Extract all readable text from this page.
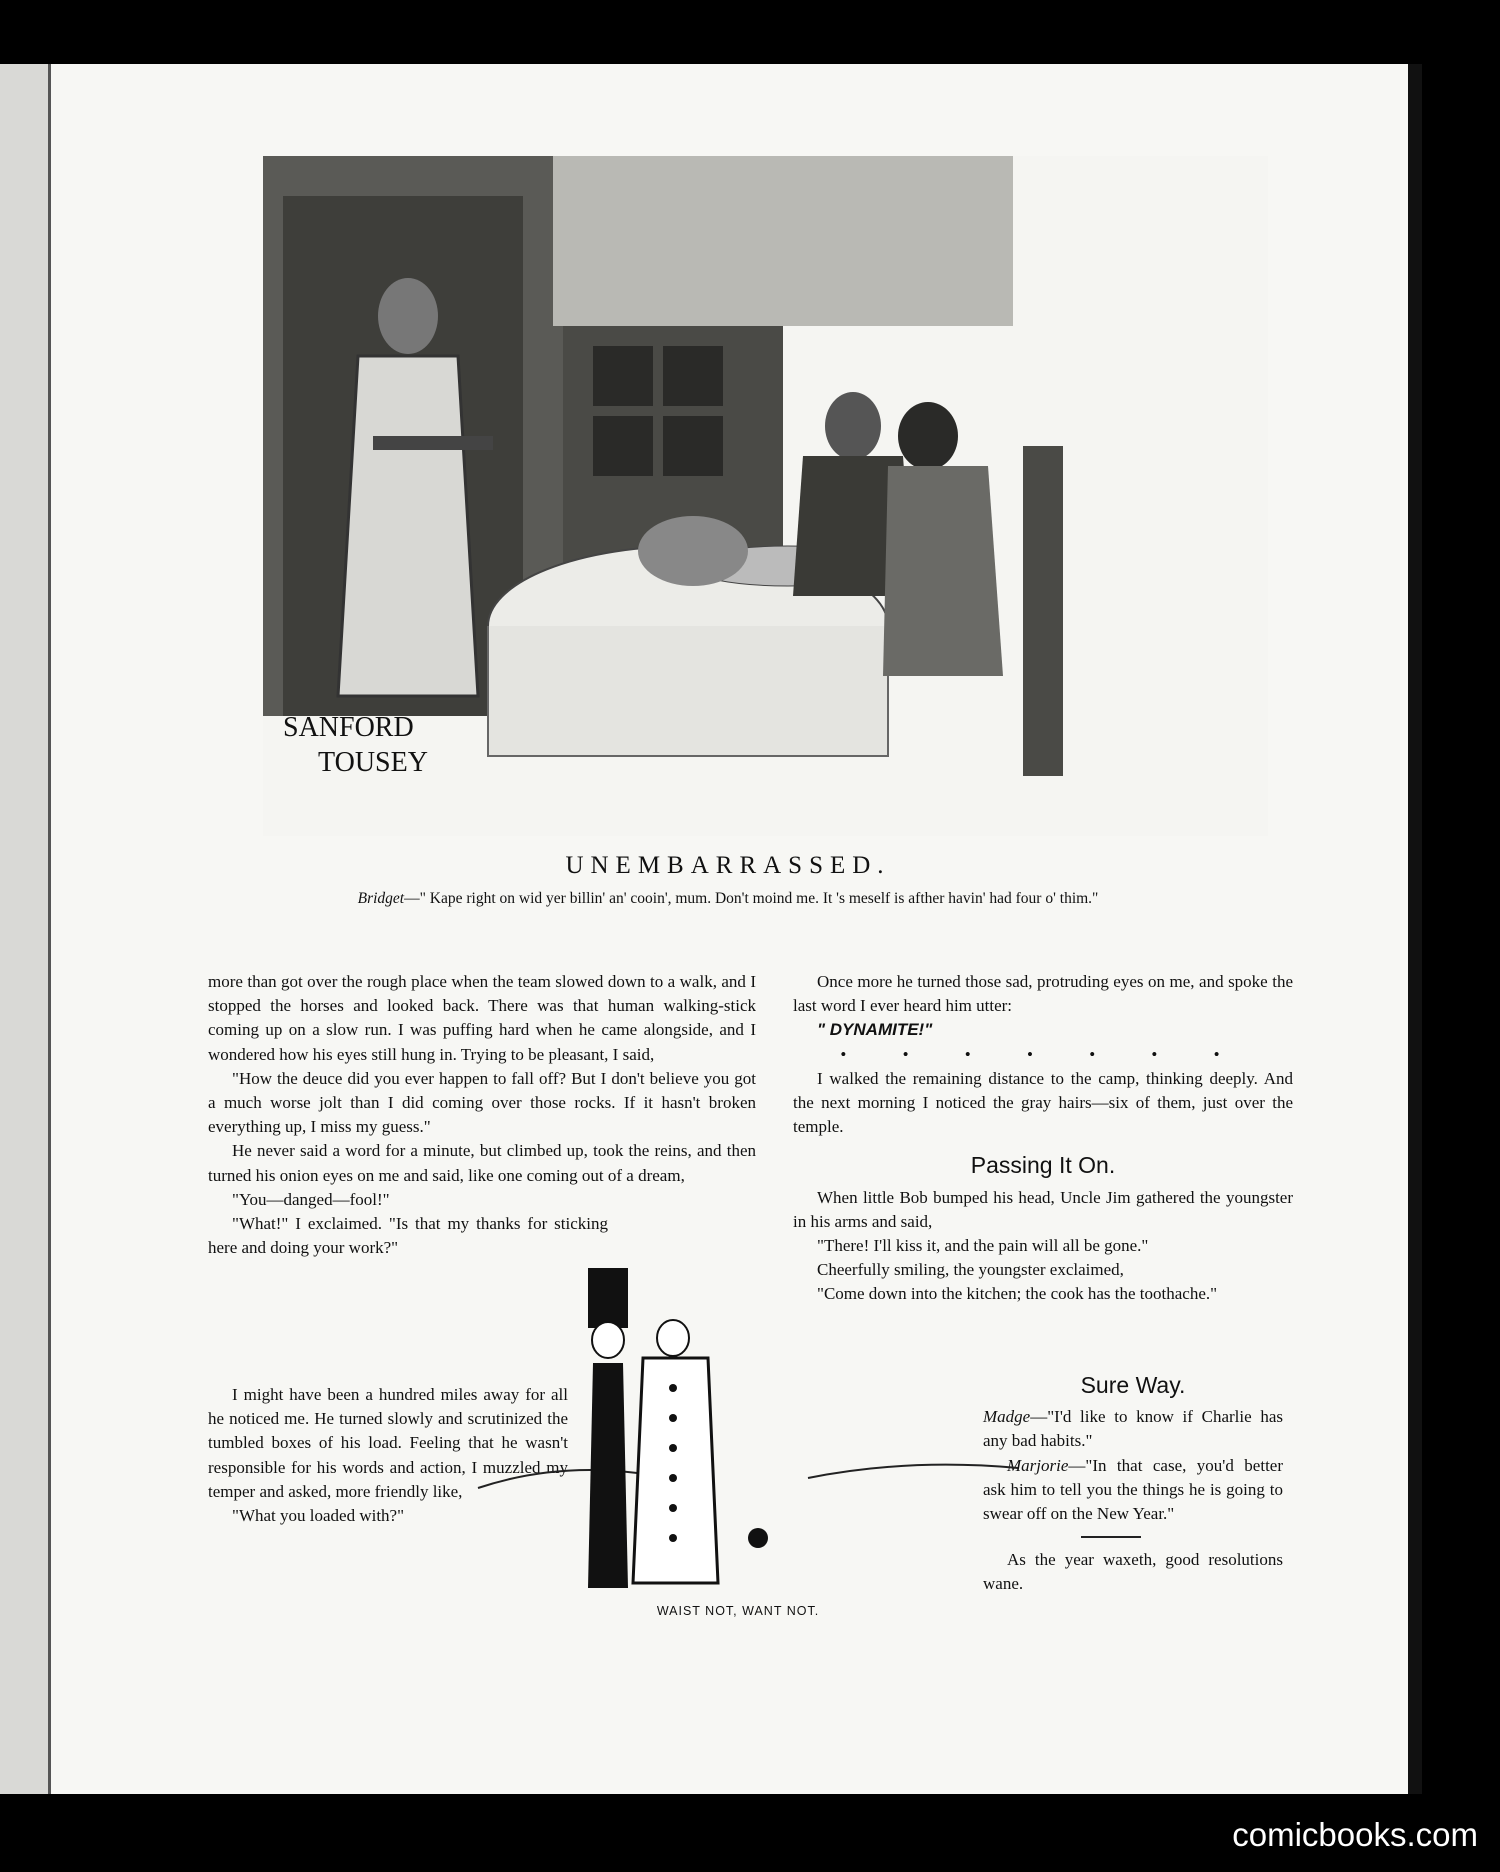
SANFORD
TOUSEY
UNEMBARRASSED.
Bridget—" Kape right on wid yer billin' an' cooin', mum. Don't moind me. It 's meself is afther havin' had four o' thim."

more than got over the rough place when the team slowed down to a walk, and I stopped the horses and looked back. There was that human walking-stick coming up on a slow run. I was puffing hard when he came alongside, and I wondered how his eyes still hung in. Trying to be pleasant, I said,

"How the deuce did you ever happen to fall off? But I don't believe you got a much worse jolt than I did coming over those rocks. If it hasn't broken everything up, I miss my guess."

He never said a word for a minute, but climbed up, took the reins, and then turned his onion eyes on me and said, like one coming out of a dream,

"You—danged—fool!"

"What!" I exclaimed. "Is that my thanks for sticking here and doing your work?"

I might have been a hundred miles away for all he noticed me. He turned slowly and scrutinized the tumbled boxes of his load. Feeling that he wasn't responsible for his words and action, I muzzled my temper and asked, more friendly like,

"What you loaded with?"

Once more he turned those sad, protruding eyes on me, and spoke the last word I ever heard him utter:

" DYNAMITE!"

• • • • • • •

I walked the remaining distance to the camp, thinking deeply. And the next morning I noticed the gray hairs—six of them, just over the temple.

Passing It On.

When little Bob bumped his head, Uncle Jim gathered the youngster in his arms and said,

"There! I'll kiss it, and the pain will all be gone."

Cheerfully smiling, the youngster exclaimed,

"Come down into the kitchen; the cook has the toothache."

Sure Way.

Madge—"I'd like to know if Charlie has any bad habits."

Marjorie—"In that case, you'd better ask him to tell you the things he is going to swear off on the New Year."

As the year waxeth, good resolutions wane.

WAIST NOT, WANT NOT.
comicbooks.com
